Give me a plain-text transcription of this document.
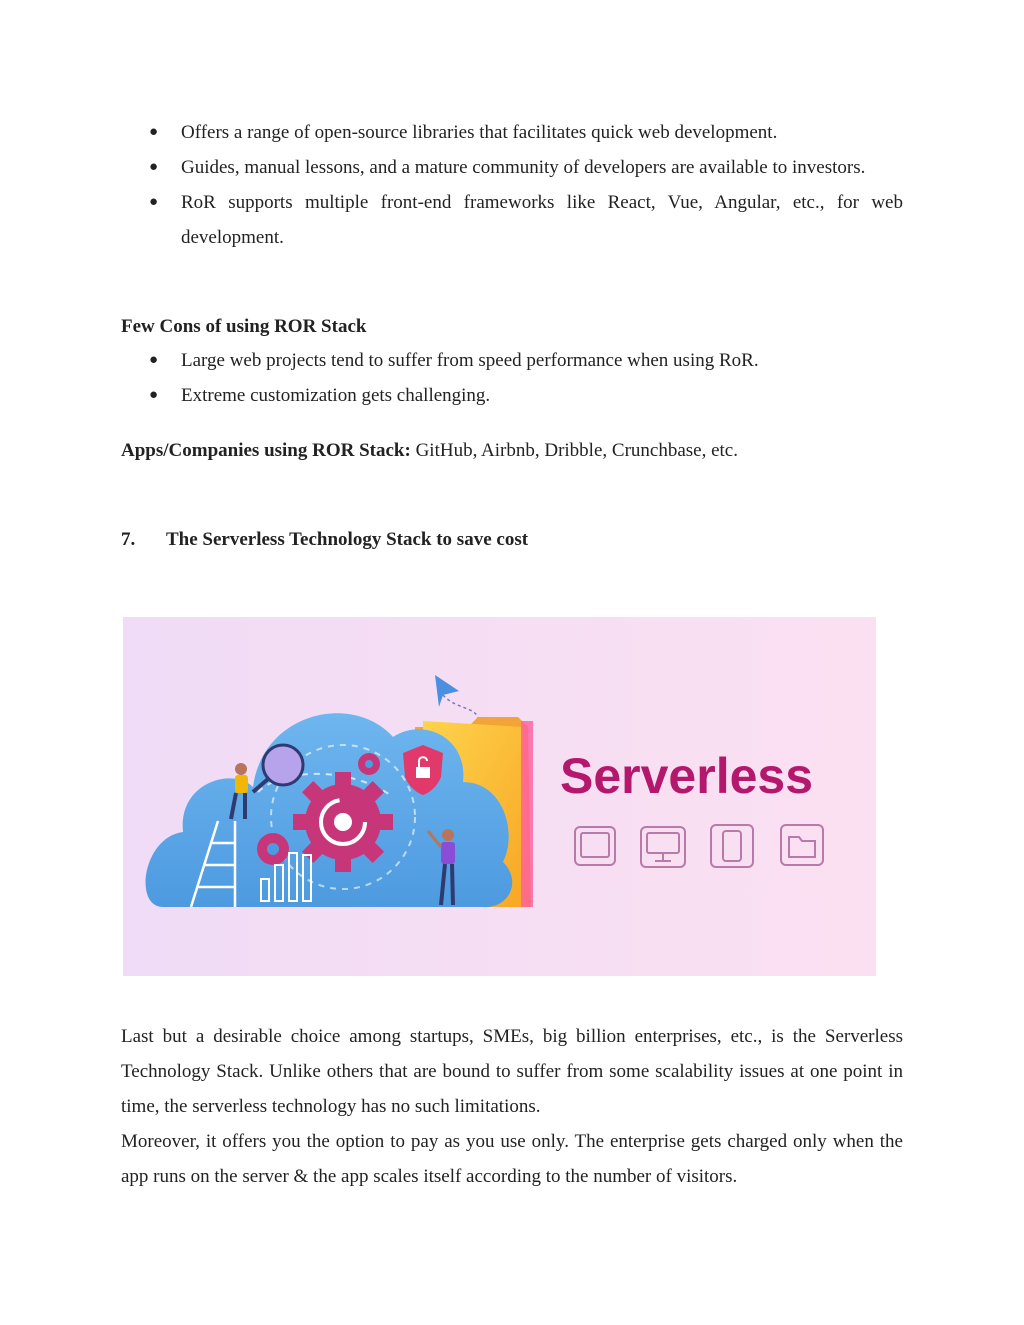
● Offers a range of open-source libraries that facilitates quick web development.
● Guides, manual lessons, and a mature community of developers are available to investors.
● RoR supports multiple front-end frameworks like React, Vue, Angular, etc., for web development.
Few Cons of using ROR Stack
● Large web projects tend to suffer from speed performance when using RoR.
● Extreme customization gets challenging.
Apps/Companies using ROR Stack: GitHub, Airbnb, Dribble, Crunchbase, etc.
7. The Serverless Technology Stack to save cost
Serverless

Last but a desirable choice among startups, SMEs, big billion enterprises, etc., is the Serverless Technology Stack. Unlike others that are bound to suffer from some scalability issues at one point in time, the serverless technology has no such limitations.

Moreover, it offers you the option to pay as you use only. The enterprise gets charged only when the app runs on the server & the app scales itself according to the number of visitors.
